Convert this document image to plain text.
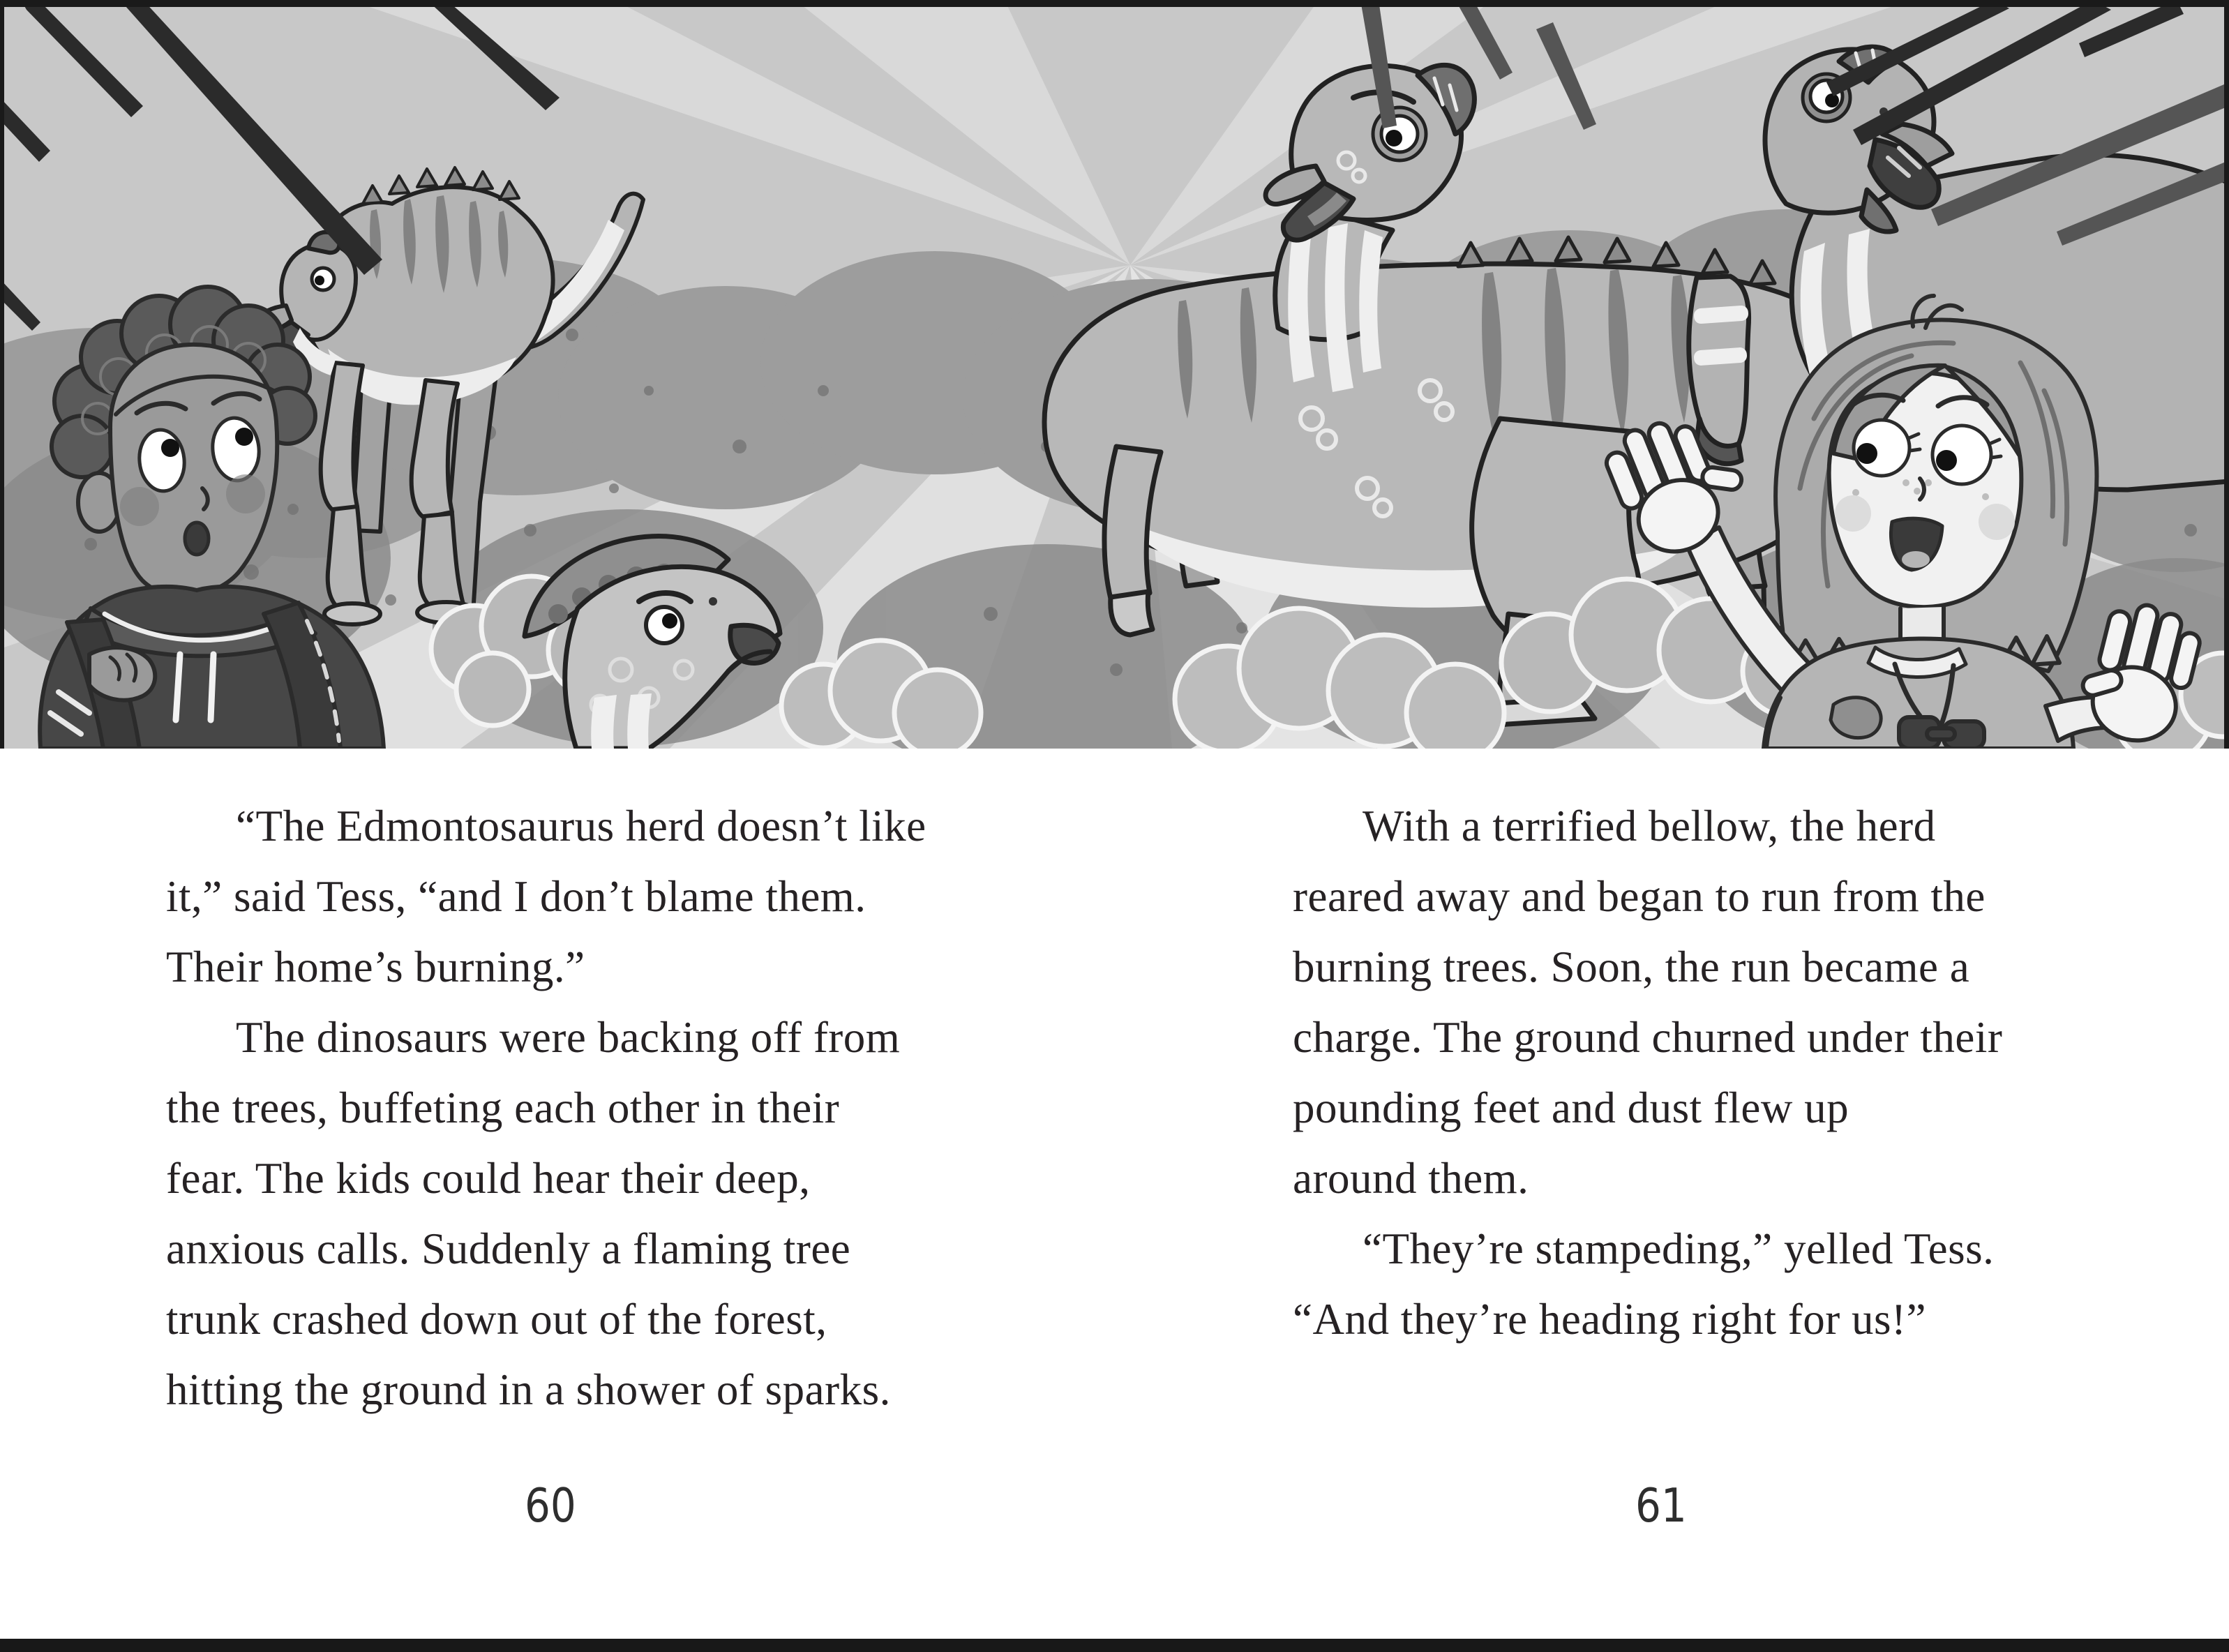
“The Edmontosaurus herd doesn’t like
it,” said Tess, “and I don’t blame them.
Their home’s burning.”
The dinosaurs were backing off from
the trees, buffeting each other in their
fear. The kids could hear their deep,
anxious calls. Suddenly a flaming tree
trunk crashed down out of the forest,
hitting the ground in a shower of sparks.
With a terrified bellow, the herd
reared away and began to run from the
burning trees. Soon, the run became a
charge. The ground churned under their
pounding feet and dust flew up
around them.
“They’re stampeding,” yelled Tess.
“And they’re heading right for us!”
60	61
